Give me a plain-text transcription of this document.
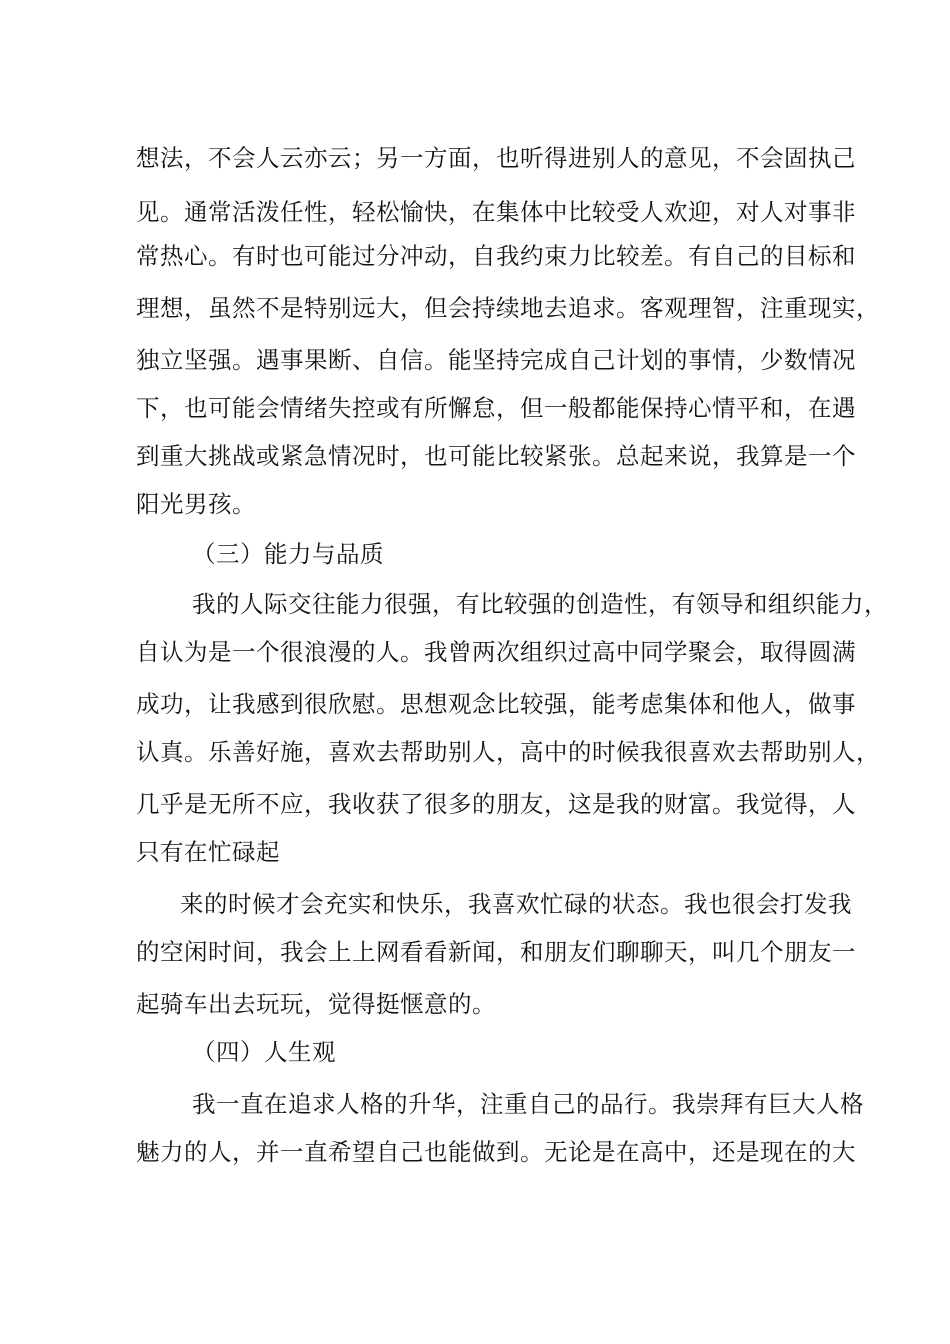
想法，不会人云亦云；另一方面，也听得进别人的意见，不会固执己
见。通常活泼任性，轻松愉快，在集体中比较受人欢迎，对人对事非
常热心。有时也可能过分冲动，自我约束力比较差。有自己的目标和
理想，虽然不是特别远大，但会持续地去追求。客观理智，注重现实，
独立坚强。遇事果断、自信。能坚持完成自己计划的事情，少数情况
下，也可能会情绪失控或有所懈怠，但一般都能保持心情平和，在遇
到重大挑战或紧急情况时，也可能比较紧张。总起来说，我算是一个
阳光男孩。
（三）能力与品质
我的人际交往能力很强，有比较强的创造性，有领导和组织能力，
自认为是一个很浪漫的人。我曾两次组织过高中同学聚会，取得圆满
成功，让我感到很欣慰。思想观念比较强，能考虑集体和他人，做事
认真。乐善好施，喜欢去帮助别人，高中的时候我很喜欢去帮助别人，
几乎是无所不应，我收获了很多的朋友，这是我的财富。我觉得，人
只有在忙碌起
来的时候才会充实和快乐，我喜欢忙碌的状态。我也很会打发我
的空闲时间，我会上上网看看新闻，和朋友们聊聊天，叫几个朋友一
起骑车出去玩玩，觉得挺惬意的。
（四）人生观
我一直在追求人格的升华，注重自己的品行。我崇拜有巨大人格
魅力的人，并一直希望自己也能做到。无论是在高中，还是现在的大
